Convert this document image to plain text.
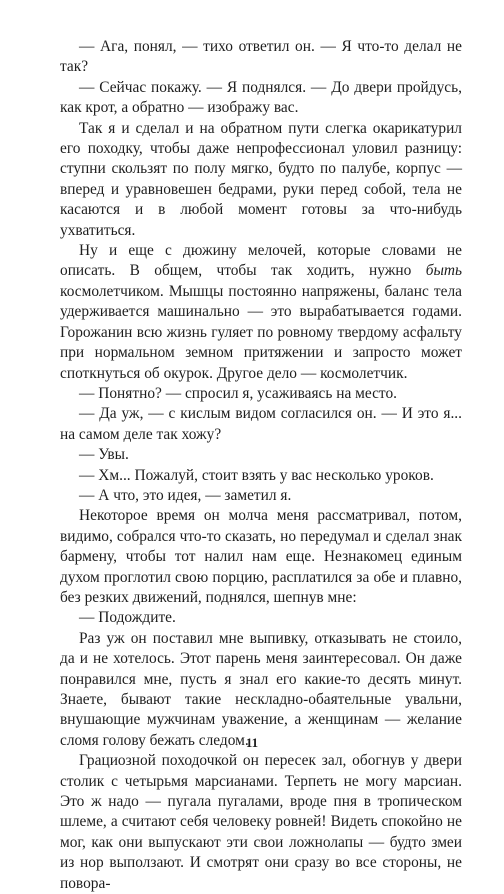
— Ага, понял, — тихо ответил он. — Я что-то делал не так?

— Сейчас покажу. — Я поднялся. — До двери пройдусь, как крот, а обратно — изображу вас.

Так я и сделал и на обратном пути слегка окарикатурил его походку, чтобы даже непрофессионал уловил разницу: ступни скользят по полу мягко, будто по палубе, корпус — вперед и уравновешен бедрами, руки перед собой, тела не касаются и в любой момент готовы за что-нибудь ухватиться.

Ну и еще с дюжину мелочей, которые словами не описать. В общем, чтобы так ходить, нужно быть космолетчиком. Мышцы постоянно напряжены, баланс тела удерживается машинально — это вырабатывается годами. Горожанин всю жизнь гуляет по ровному твердому асфальту при нормальном земном притяжении и запросто может споткнуться об окурок. Другое дело — космолетчик.

— Понятно? — спросил я, усаживаясь на место.

— Да уж, — с кислым видом согласился он. — И это я... на самом деле так хожу?

— Увы.

— Хм... Пожалуй, стоит взять у вас несколько уроков.

— А что, это идея, — заметил я.

Некоторое время он молча меня рассматривал, потом, видимо, собрался что-то сказать, но передумал и сделал знак бармену, чтобы тот налил нам еще. Незнакомец единым духом проглотил свою порцию, расплатился за обе и плавно, без резких движений, поднялся, шепнув мне:

— Подождите.

Раз уж он поставил мне выпивку, отказывать не стоило, да и не хотелось. Этот парень меня заинтересовал. Он даже понравился мне, пусть я знал его какие-то десять минут. Знаете, бывают такие нескладно-обаятельные увальни, внушающие мужчинам уважение, а женщинам — желание сломя голову бежать следом.

Грациозной походочкой он пересек зал, обогнув у двери столик с четырьмя марсианами. Терпеть не могу марсиан. Это ж надо — пугала пугалами, вроде пня в тропическом шлеме, а считают себя человеку ровней! Видеть спокойно не мог, как они выпускают эти свои ложнолапы — будто змеи из нор выползают. И смотрят они сразу во все стороны, не повора-

11
